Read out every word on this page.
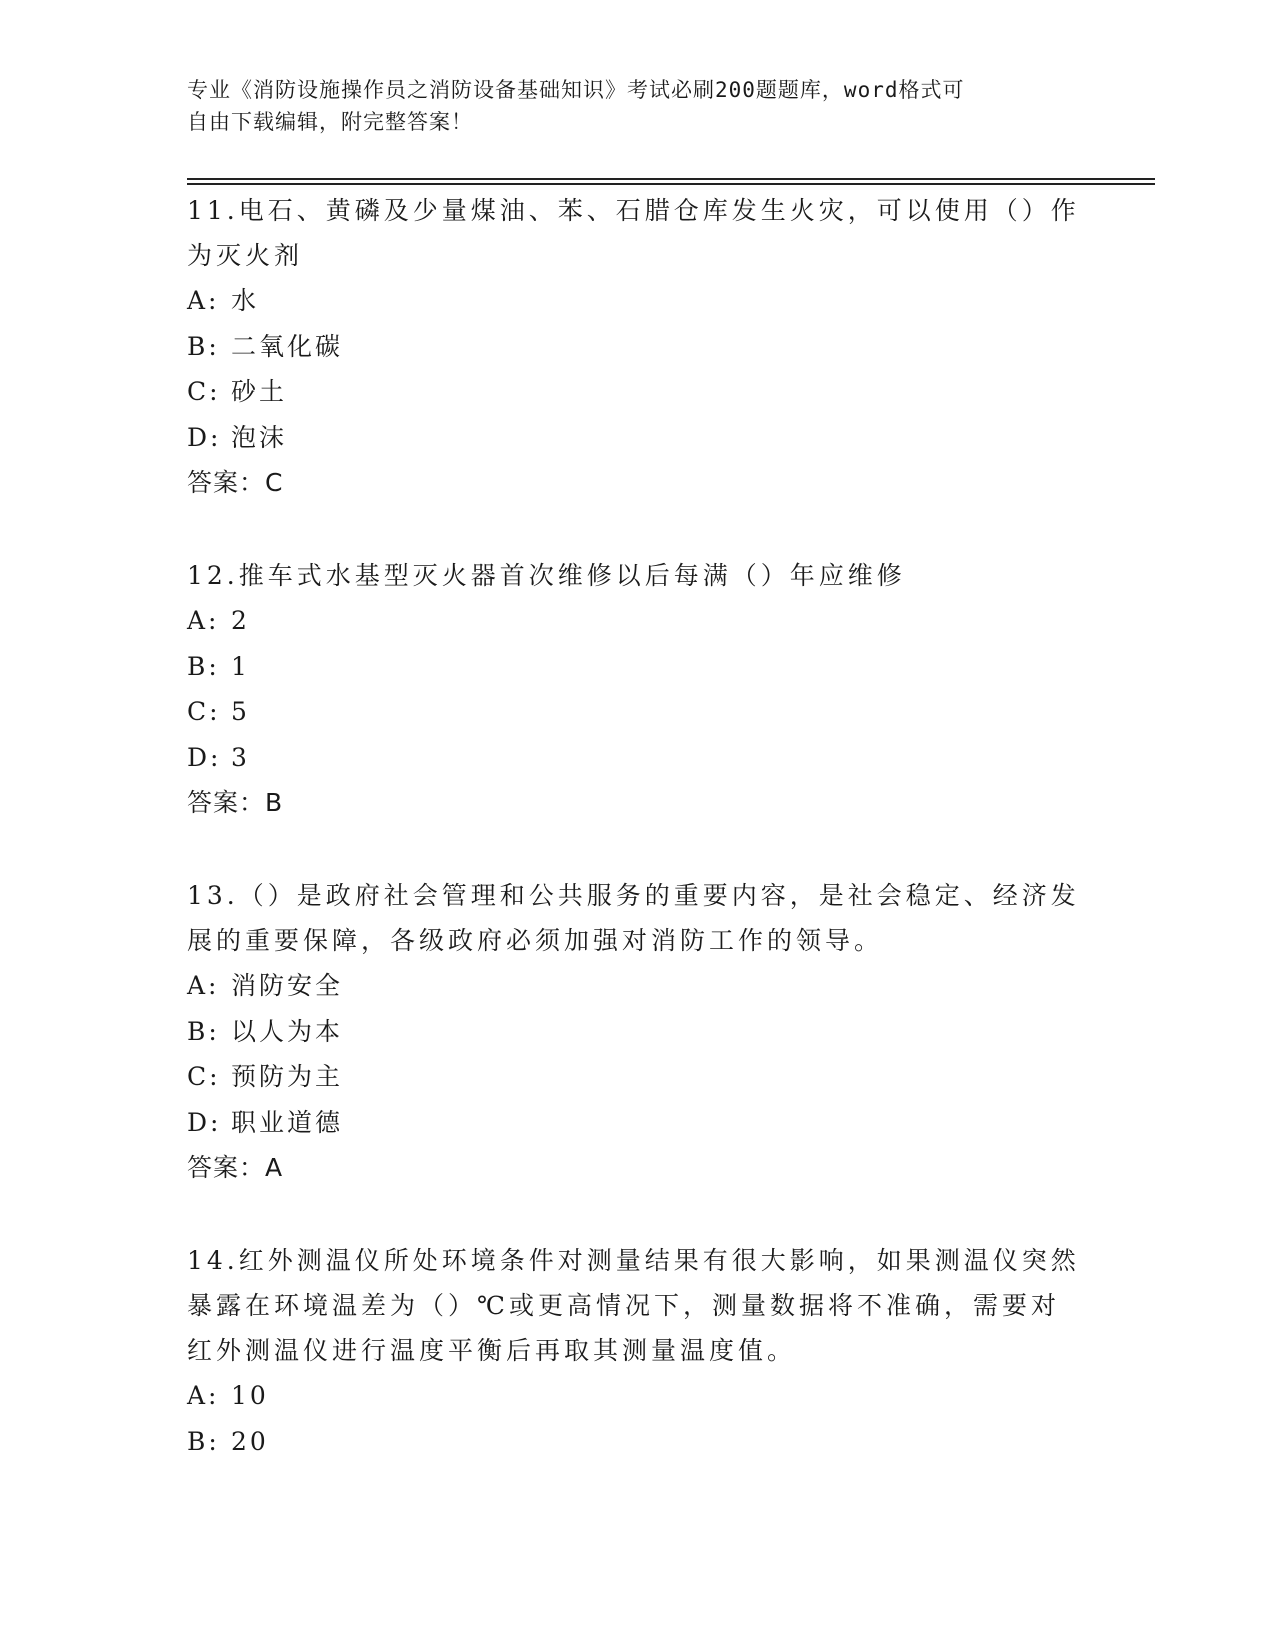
专业《消防设施操作员之消防设备基础知识》考试必刷200题题库，word格式可
自由下载编辑，附完整答案！

11.电石、黄磷及少量煤油、苯、石腊仓库发生火灾，可以使用（）作为灭火剂

A: 水

B: 二氧化碳

C: 砂土

D: 泡沫

答案：C

12.推车式水基型灭火器首次维修以后每满（）年应维修

A: 2

B: 1

C: 5

D: 3

答案：B

13.（）是政府社会管理和公共服务的重要内容，是社会稳定、经济发展的重要保障，各级政府必须加强对消防工作的领导。

A: 消防安全

B: 以人为本

C: 预防为主

D: 职业道德

答案：A

14.红外测温仪所处环境条件对测量结果有很大影响，如果测温仪突然暴露在环境温差为（）℃或更高情况下，测量数据将不准确，需要对红外测温仪进行温度平衡后再取其测量温度值。

A: 10

B: 20
